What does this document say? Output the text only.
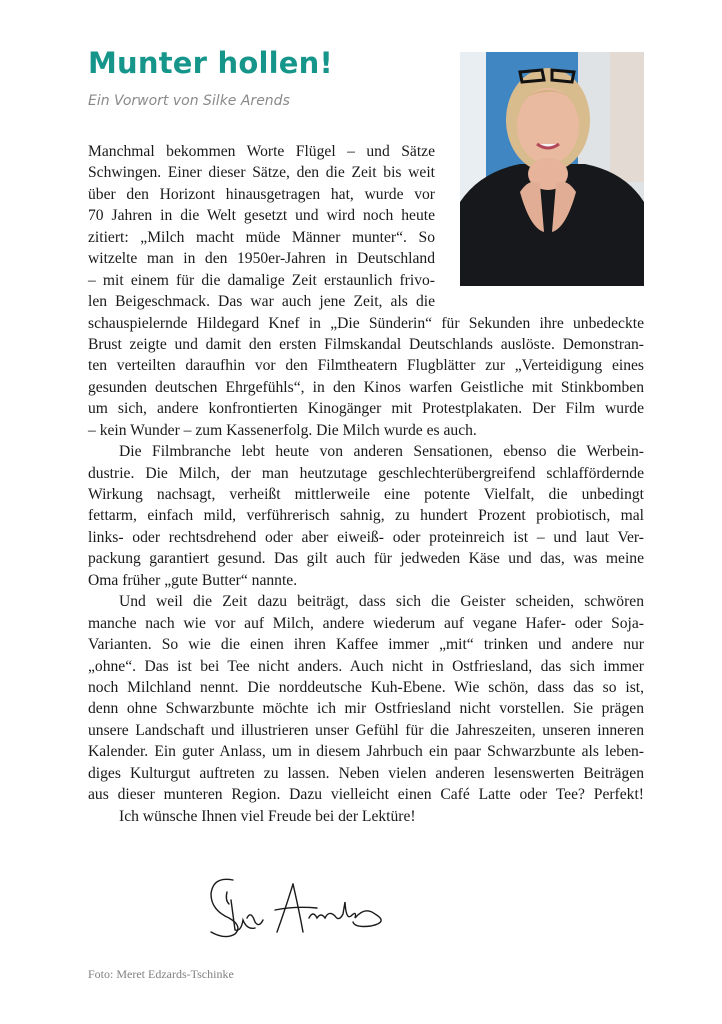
Munter hollen!
Ein Vorwort von Silke Arends
Manchmal bekommen Worte Flügel – und Sätze
Schwingen. Einer dieser Sätze, den die Zeit bis weit
über den Horizont hinausgetragen hat, wurde vor
70 Jahren in die Welt gesetzt und wird noch heute
zitiert: „Milch macht müde Männer munter“. So
witzelte man in den 1950er-Jahren in Deutschland
– mit einem für die damalige Zeit erstaunlich frivo-
len Beigeschmack. Das war auch jene Zeit, als die
schauspielernde Hildegard Knef in „Die Sünderin“ für Sekunden ihre unbedeckte
Brust zeigte und damit den ersten Filmskandal Deutschlands auslöste. Demonstran-
ten verteilten daraufhin vor den Filmtheatern Flugblätter zur „Verteidigung eines
gesunden deutschen Ehrgefühls“, in den Kinos warfen Geistliche mit Stinkbomben
um sich, andere konfrontierten Kinogänger mit Protestplakaten. Der Film wurde
– kein Wunder – zum Kassenerfolg. Die Milch wurde es auch.
Die Filmbranche lebt heute von anderen Sensationen, ebenso die Werbein-
dustrie. Die Milch, der man heutzutage geschlechterübergreifend schlaffördernde
Wirkung nachsagt, verheißt mittlerweile eine potente Vielfalt, die unbedingt
fettarm, einfach mild, verführerisch sahnig, zu hundert Prozent probiotisch, mal
links- oder rechtsdrehend oder aber eiweiß- oder proteinreich ist – und laut Ver-
packung garantiert gesund. Das gilt auch für jedweden Käse und das, was meine
Oma früher „gute Butter“ nannte.
Und weil die Zeit dazu beiträgt, dass sich die Geister scheiden, schwören
manche nach wie vor auf Milch, andere wiederum auf vegane Hafer- oder Soja-
Varianten. So wie die einen ihren Kaffee immer „mit“ trinken und andere nur
„ohne“. Das ist bei Tee nicht anders. Auch nicht in Ostfriesland, das sich immer
noch Milchland nennt. Die norddeutsche Kuh-Ebene. Wie schön, dass das so ist,
denn ohne Schwarzbunte möchte ich mir Ostfriesland nicht vorstellen. Sie prägen
unsere Landschaft und illustrieren unser Gefühl für die Jahreszeiten, unseren inneren
Kalender. Ein guter Anlass, um in diesem Jahrbuch ein paar Schwarzbunte als leben-
diges Kulturgut auftreten zu lassen. Neben vielen anderen lesenswerten Beiträgen
aus dieser munteren Region. Dazu vielleicht einen Café Latte oder Tee? Perfekt!
Ich wünsche Ihnen viel Freude bei der Lektüre!
Foto: Meret Edzards-Tschinke
